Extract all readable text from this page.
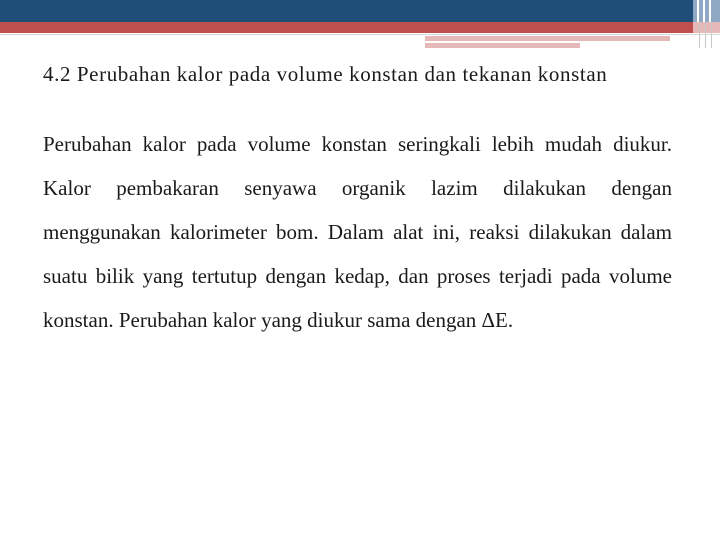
4.2 Perubahan kalor pada volume konstan dan tekanan konstan

Perubahan kalor pada volume konstan seringkali lebih mudah diukur. Kalor pembakaran senyawa organik lazim dilakukan dengan menggunakan kalorimeter bom. Dalam alat ini, reaksi dilakukan dalam suatu bilik yang tertutup dengan kedap, dan proses terjadi pada volume konstan. Perubahan kalor yang diukur sama dengan ΔE.
